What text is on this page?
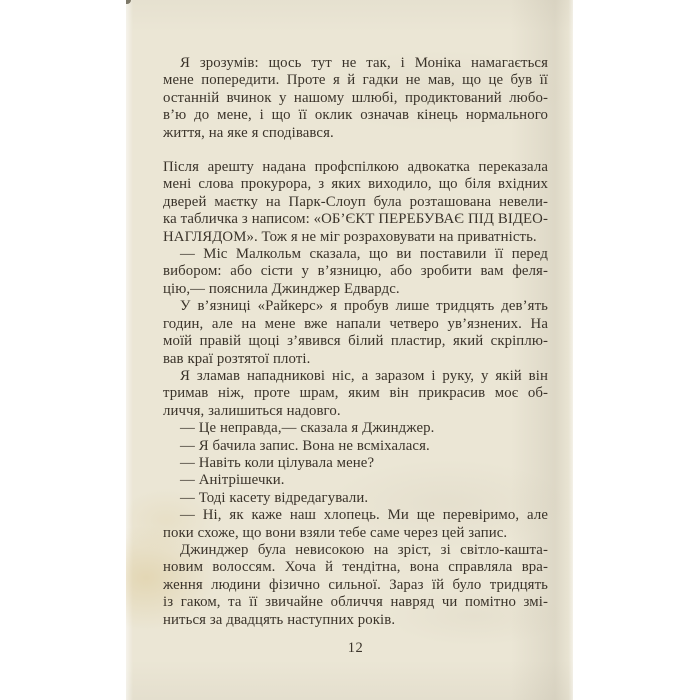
Я зрозумів: щось тут не так, і Моніка намагається
мене попередити. Проте я й гадки не мав, що це був її
останній вчинок у нашому шлюбі, продиктований любо-
в’ю до мене, і що її оклик означав кінець нормального
життя, на яке я сподівався.

Після арешту надана профспілкою адвокатка переказала
мені слова прокурора, з яких виходило, що біля вхідних
дверей маєтку на Парк-Слоуп була розташована невели-
ка табличка з написом: «ОБ’ЄКТ ПЕРЕБУВАЄ ПІД ВІДЕО-
НАГЛЯДОМ». Тож я не міг розраховувати на приватність.

— Міс Малкольм сказала, що ви поставили її перед
вибором: або сісти у в’язницю, або зробити вам феля-
цію,— пояснила Джинджер Едвардс.

У в’язниці «Райкерс» я пробув лише тридцять дев’ять
годин, але на мене вже напали четверо ув’язнених. На
моїй правій щоці з’явився білий пластир, який скріплю-
вав краї розтятої плоті.

Я зламав нападникові ніс, а заразом і руку, у якій він
тримав ніж, проте шрам, яким він прикрасив моє об-
личчя, залишиться надовго.

— Це неправда,— сказала я Джинджер.

— Я бачила запис. Вона не всміхалася.

— Навіть коли цілувала мене?

— Анітрішечки.

— Тоді касету відредагували.

— Ні, як каже наш хлопець. Ми ще перевіримо, але
поки схоже, що вони взяли тебе саме через цей запис.

Джинджер була невисокою на зріст, зі світло-кашта-
новим волоссям. Хоча й тендітна, вона справляла вра-
ження людини фізично сильної. Зараз їй було тридцять
із гаком, та її звичайне обличчя навряд чи помітно змі-
ниться за двадцять наступних років.

12
